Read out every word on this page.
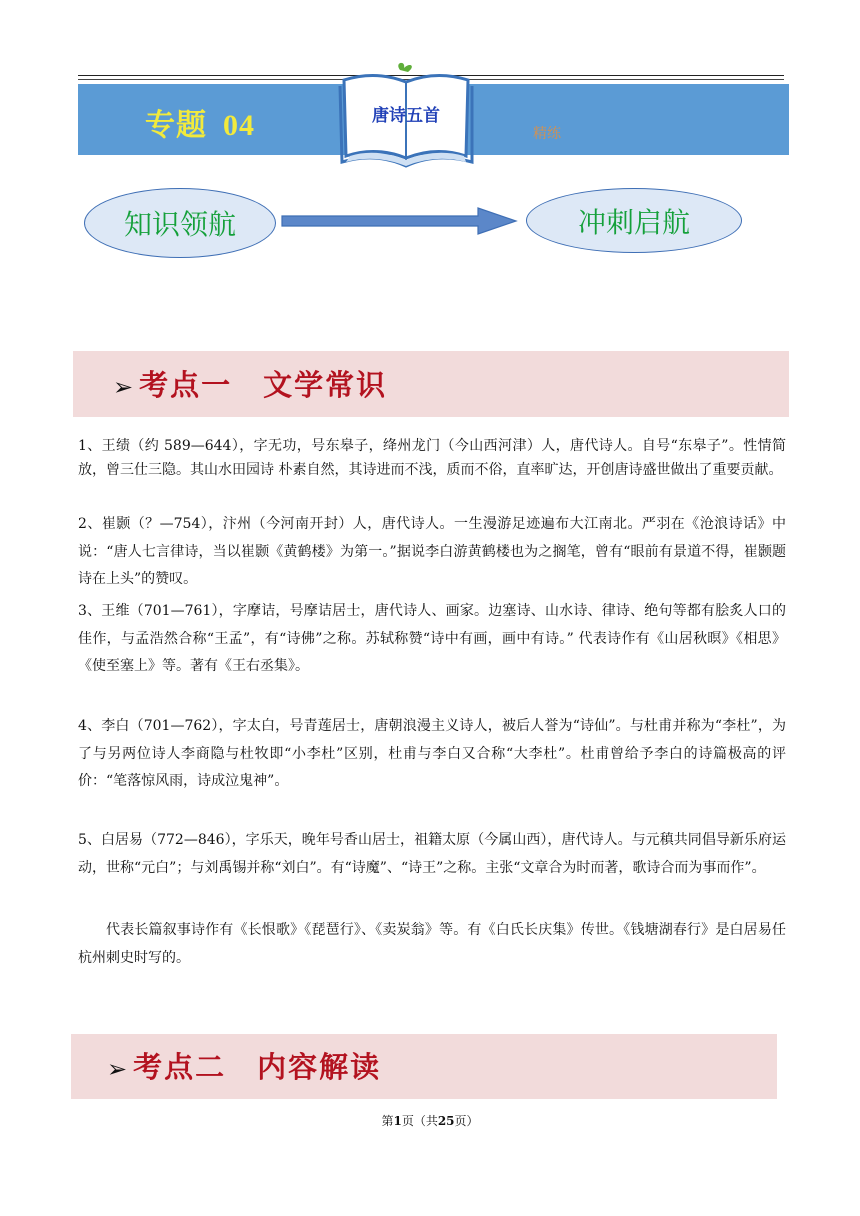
专题 04	精练
唐诗五首
知识领航	冲刺启航
➢ 考点一　文学常识
1、王绩（约 589—644），字无功，号东皋子，绛州龙门（今山西河津）人，唐代诗人。自号“东皋子”。性情简放，曾三仕三隐。其山水田园诗 朴素自然，其诗进而不浅，质而不俗，直率旷达，开创唐诗盛世做出了重要贡献。
2、崔颢（？—754），汴州（今河南开封）人，唐代诗人。一生漫游足迹遍布大江南北。严羽在《沧浪诗话》中说：“唐人七言律诗，当以崔颢《黄鹤楼》为第一。”据说李白游黄鹤楼也为之搁笔，曾有“眼前有景道不得，崔颢题诗在上头”的赞叹。
3、王维（701—761），字摩诘，号摩诘居士，唐代诗人、画家。边塞诗、山水诗、律诗、绝句等都有脍炙人口的佳作，与孟浩然合称“王孟”，有“诗佛”之称。苏轼称赞“诗中有画，画中有诗。” 代表诗作有《山居秋暝》《相思》《使至塞上》等。著有《王右丞集》。
4、李白（701—762），字太白，号青莲居士，唐朝浪漫主义诗人，被后人誉为“诗仙”。与杜甫并称为“李杜”，为了与另两位诗人李商隐与杜牧即“小李杜”区别，杜甫与李白又合称“大李杜”。杜甫曾给予李白的诗篇极高的评价：“笔落惊风雨，诗成泣鬼神”。
5、白居易（772—846），字乐天，晚年号香山居士，祖籍太原（今属山西），唐代诗人。与元稹共同倡导新乐府运动，世称“元白”；与刘禹锡并称“刘白”。有“诗魔”、“诗王”之称。主张“文章合为时而著，歌诗合而为事而作”。
代表长篇叙事诗作有《长恨歌》《琵琶行》、《卖炭翁》等。有《白氏长庆集》传世。《钱塘湖春行》是白居易任杭州刺史时写的。
➢ 考点二　内容解读
第1页（共25页）
